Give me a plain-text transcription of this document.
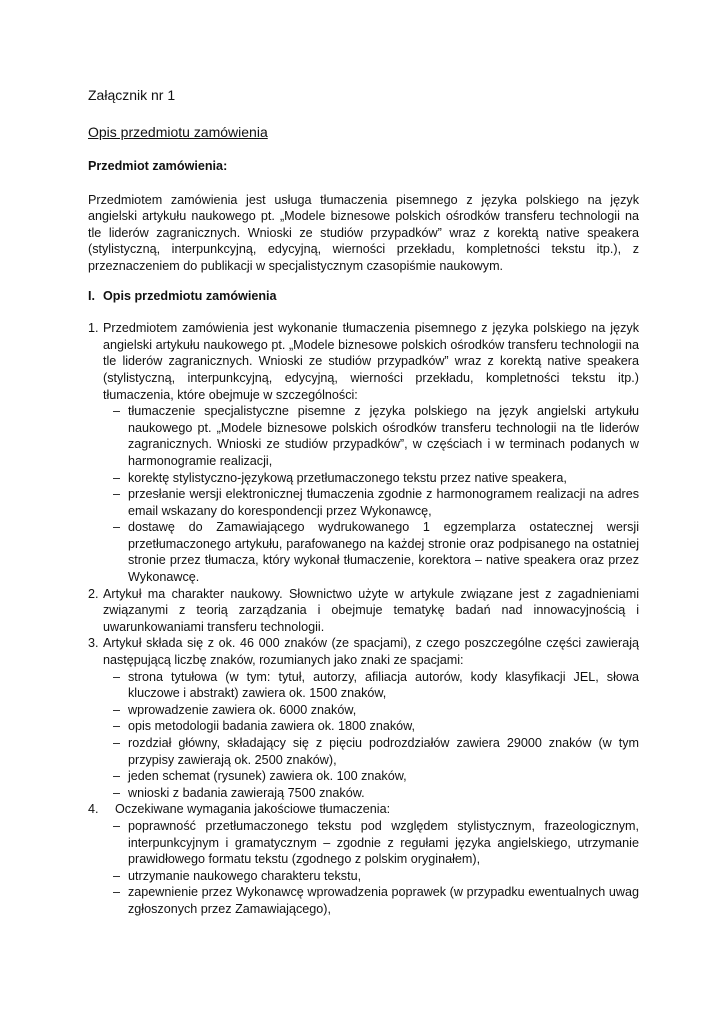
Załącznik nr 1

Opis przedmiotu zamówienia

Przedmiot zamówienia:

Przedmiotem zamówienia jest usługa tłumaczenia pisemnego z języka polskiego na język angielski artykułu naukowego pt. „Modele biznesowe polskich ośrodków transferu technologii na tle liderów zagranicznych. Wnioski ze studiów przypadków” wraz z korektą native speakera (stylistyczną, interpunkcyjną, edycyjną, wierności przekładu, kompletności tekstu itp.), z przeznaczeniem do publikacji w specjalistycznym czasopiśmie naukowym.

I. Opis przedmiotu zamówienia
1. Przedmiotem zamówienia jest wykonanie tłumaczenia pisemnego z języka polskiego na język angielski artykułu naukowego pt. „Modele biznesowe polskich ośrodków transferu technologii na tle liderów zagranicznych. Wnioski ze studiów przypadków” wraz z korektą native speakera (stylistyczną, interpunkcyjną, edycyjną, wierności przekładu, kompletności tekstu itp.) tłumaczenia, które obejmuje w szczególności:
– tłumaczenie specjalistyczne pisemne z języka polskiego na język angielski artykułu naukowego pt. „Modele biznesowe polskich ośrodków transferu technologii na tle liderów zagranicznych. Wnioski ze studiów przypadków”, w częściach i w terminach podanych w harmonogramie realizacji,
– korektę stylistyczno-językową przetłumaczonego tekstu przez native speakera,
– przesłanie wersji elektronicznej tłumaczenia zgodnie z harmonogramem realizacji na adres email wskazany do korespondencji przez Wykonawcę,
– dostawę do Zamawiającego wydrukowanego 1 egzemplarza ostatecznej wersji przetłumaczonego artykułu, parafowanego na każdej stronie oraz podpisanego na ostatniej stronie przez tłumacza, który wykonał tłumaczenie, korektora – native speakera oraz przez Wykonawcę.
2. Artykuł ma charakter naukowy. Słownictwo użyte w artykule związane jest z zagadnieniami związanymi z teorią zarządzania i obejmuje tematykę badań nad innowacyjnością i uwarunkowaniami transferu technologii.
3. Artykuł składa się z ok. 46 000 znaków (ze spacjami), z czego poszczególne części zawierają następującą liczbę znaków, rozumianych jako znaki ze spacjami:
– strona tytułowa (w tym: tytuł, autorzy, afiliacja autorów, kody klasyfikacji JEL, słowa kluczowe i abstrakt) zawiera ok. 1500 znaków,
– wprowadzenie zawiera ok. 6000 znaków,
– opis metodologii badania zawiera ok. 1800 znaków,
– rozdział główny, składający się z pięciu podrozdziałów zawiera 29000 znaków (w tym przypisy zawierają ok. 2500 znaków),
– jeden schemat (rysunek) zawiera ok. 100 znaków,
– wnioski z badania zawierają 7500 znaków.
4.	Oczekiwane wymagania jakościowe tłumaczenia:
– poprawność przetłumaczonego tekstu pod względem stylistycznym, frazeologicznym, interpunkcyjnym i gramatycznym – zgodnie z regułami języka angielskiego, utrzymanie prawidłowego formatu tekstu (zgodnego z polskim oryginałem),
– utrzymanie naukowego charakteru tekstu,
– zapewnienie przez Wykonawcę wprowadzenia poprawek (w przypadku ewentualnych uwag zgłoszonych przez Zamawiającego),
